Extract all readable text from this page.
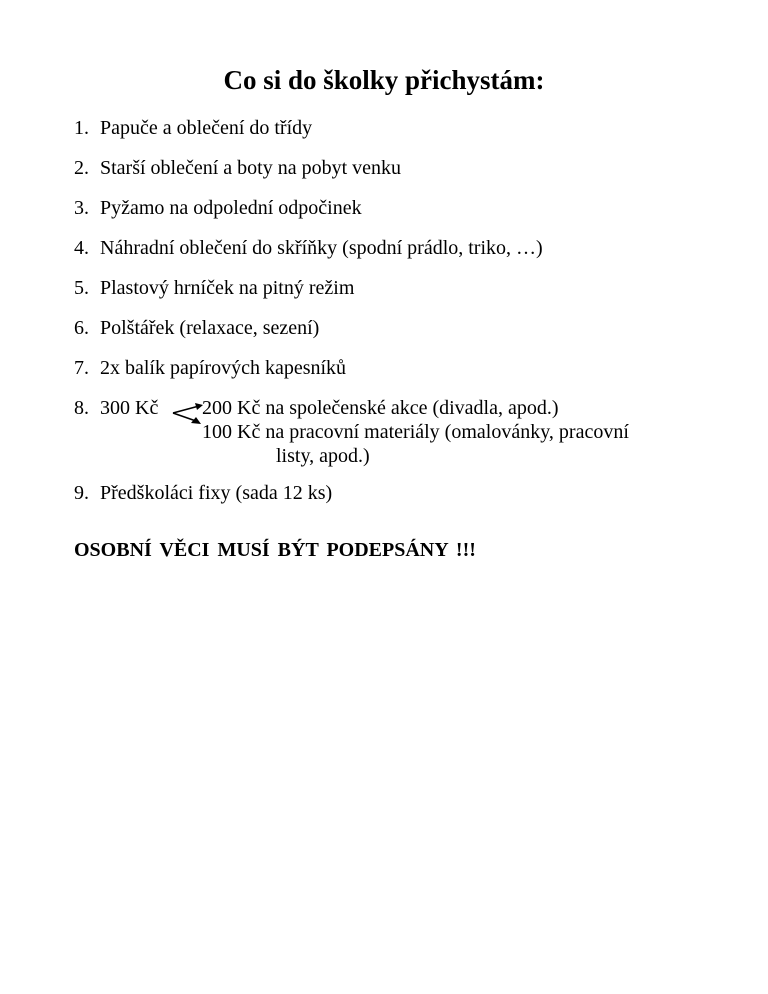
Co si do školky přichystám:
1. Papuče a oblečení do třídy
2. Starší oblečení a boty na pobyt venku
3. Pyžamo na odpolední odpočinek
4. Náhradní oblečení do skříňky (spodní prádlo, triko, …)
5. Plastový hrníček na pitný režim
6. Polštářek (relaxace, sezení)
7. 2x balík papírových kapesníků
8. 300 Kč 200 Kč na společenské akce (divadla, apod.)
100 Kč na pracovní materiály (omalovánky, pracovní
listy, apod.)
9. Předškoláci fixy (sada 12 ks)
OSOBNÍ VĚCI MUSÍ BÝT PODEPSÁNY !!!
